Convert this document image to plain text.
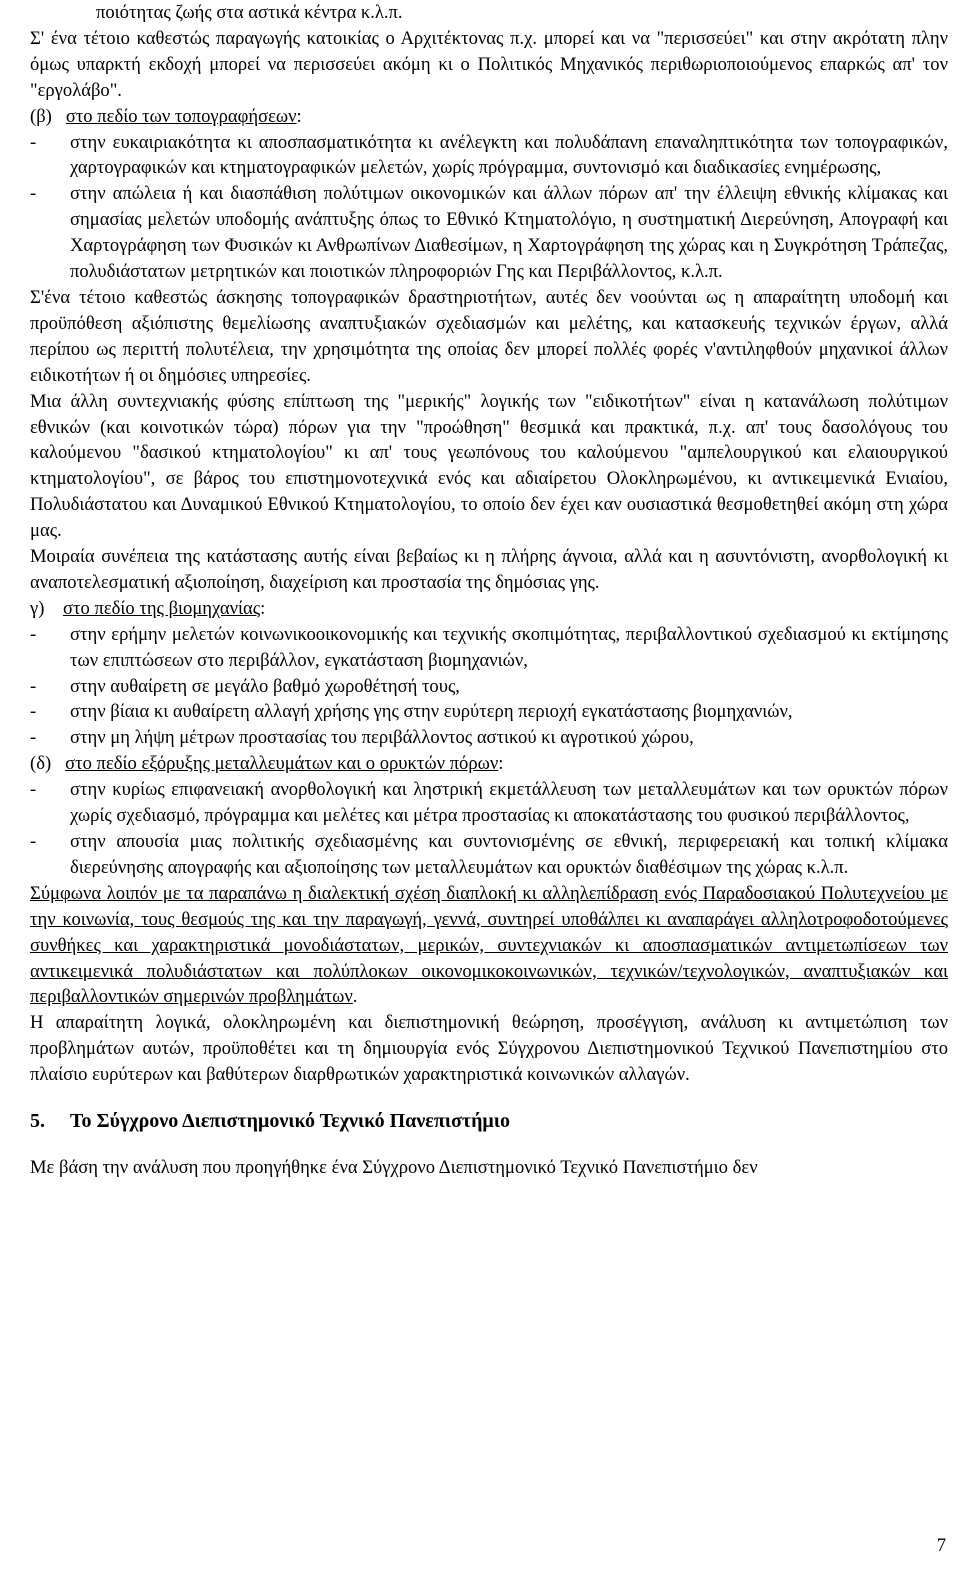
ποιότητας ζωής στα αστικά κέντρα κ.λ.π.

Σ' ένα τέτοιο καθεστώς παραγωγής κατοικίας ο Αρχιτέκτονας π.χ. μπορεί και να "περισσεύει" και στην ακρότατη πλην όμως υπαρκτή εκδοχή μπορεί να περισσεύει ακόμη κι ο Πολιτικός Μηχανικός περιθωριοποιούμενος επαρκώς απ' τον "εργολάβο".

(β) στο πεδίο των τοπογραφήσεων:

-	στην ευκαιριακότητα κι αποσπασματικότητα κι ανέλεγκτη και πολυδάπανη επαναληπτικότητα των τοπογραφικών, χαρτογραφικών και κτηματογραφικών μελετών, χωρίς πρόγραμμα, συντονισμό και διαδικασίες ενημέρωσης,
-	στην απώλεια ή και διασπάθιση πολύτιμων οικονομικών και άλλων πόρων απ' την έλλειψη εθνικής κλίμακας και σημασίας μελετών υποδομής ανάπτυξης όπως το Εθνικό Κτηματολόγιο, η συστηματική Διερεύνηση, Απογραφή και Χαρτογράφηση των Φυσικών κι Ανθρωπίνων Διαθεσίμων, η Χαρτογράφηση της χώρας και η Συγκρότηση Τράπεζας, πολυδιάστατων μετρητικών και ποιοτικών πληροφοριών Γης και Περιβάλλοντος, κ.λ.π.

Σ'ένα τέτοιο καθεστώς άσκησης τοπογραφικών δραστηριοτήτων, αυτές δεν νοούνται ως η απαραίτητη υποδομή και προϋπόθεση αξιόπιστης θεμελίωσης αναπτυξιακών σχεδιασμών και μελέτης, και κατασκευής τεχνικών έργων, αλλά περίπου ως περιττή πολυτέλεια, την χρησιμότητα της οποίας δεν μπορεί πολλές φορές ν'αντιληφθούν μηχανικοί άλλων ειδικοτήτων ή οι δημόσιες υπηρεσίες.

Μια άλλη συντεχνιακής φύσης επίπτωση της "μερικής" λογικής των "ειδικοτήτων" είναι η κατανάλωση πολύτιμων εθνικών (και κοινοτικών τώρα) πόρων για την "προώθηση" θεσμικά και πρακτικά, π.χ. απ' τους δασολόγους του καλούμενου "δασικού κτηματολογίου" κι απ' τους γεωπόνους του καλούμενου "αμπελουργικού και ελαιουργικού κτηματολογίου", σε βάρος του επιστημονοτεχνικά ενός και αδιαίρετου Ολοκληρωμένου, κι αντικειμενικά Ενιαίου, Πολυδιάστατου και Δυναμικού Εθνικού Κτηματολογίου, το οποίο δεν έχει καν ουσιαστικά θεσμοθετηθεί ακόμη στη χώρα μας.

Μοιραία συνέπεια της κατάστασης αυτής είναι βεβαίως κι η πλήρης άγνοια, αλλά και η ασυντόνιστη, ανορθολογική κι αναποτελεσματική αξιοποίηση, διαχείριση και προστασία της δημόσιας γης.

γ) στο πεδίο της βιομηχανίας:

-	στην ερήμην μελετών κοινωνικοοικονομικής και τεχνικής σκοπιμότητας, περιβαλλοντικού σχεδιασμού κι εκτίμησης των επιπτώσεων στο περιβάλλον, εγκατάσταση βιομηχανιών,
-	στην αυθαίρετη σε μεγάλο βαθμό χωροθέτησή τους,
-	στην βίαια κι αυθαίρετη αλλαγή χρήσης γης στην ευρύτερη περιοχή εγκατάστασης βιομηχανιών,
-	στην μη λήψη μέτρων προστασίας του περιβάλλοντος αστικού κι αγροτικού χώρου,

(δ) στο πεδίο εξόρυξης μεταλλευμάτων και ο ορυκτών πόρων:

-	στην κυρίως επιφανειακή ανορθολογική και ληστρική εκμετάλλευση των μεταλλευμάτων και των ορυκτών πόρων χωρίς σχεδιασμό, πρόγραμμα και μελέτες και μέτρα προστασίας κι αποκατάστασης του φυσικού περιβάλλοντος,
-	στην απουσία μιας πολιτικής σχεδιασμένης και συντονισμένης σε εθνική, περιφερειακή και τοπική κλίμακα διερεύνησης απογραφής και αξιοποίησης των μεταλλευμάτων και ορυκτών διαθέσιμων της χώρας κ.λ.π.

Σύμφωνα λοιπόν με τα παραπάνω η διαλεκτική σχέση διαπλοκή κι αλληλεπίδραση ενός Παραδοσιακού Πολυτεχνείου με την κοινωνία, τους θεσμούς της και την παραγωγή, γεννά, συντηρεί υποθάλπει κι αναπαράγει αλληλοτροφοδοτούμενες συνθήκες και χαρακτηριστικά μονοδιάστατων, μερικών, συντεχνιακών κι αποσπασματικών αντιμετωπίσεων των αντικειμενικά πολυδιάστατων και πολύπλοκων οικονομικοκοινωνικών, τεχνικών/τεχνολογικών, αναπτυξιακών και περιβαλλοντικών σημερινών προβλημάτων.

Η απαραίτητη λογικά, ολοκληρωμένη και διεπιστημονική θεώρηση, προσέγγιση, ανάλυση κι αντιμετώπιση των προβλημάτων αυτών, προϋποθέτει και τη δημιουργία ενός Σύγχρονου Διεπιστημονικού Τεχνικού Πανεπιστημίου στο πλαίσιο ευρύτερων και βαθύτερων διαρθρωτικών χαρακτηριστικά κοινωνικών αλλαγών.

5.	Το Σύγχρονο Διεπιστημονικό Τεχνικό Πανεπιστήμιο

Με βάση την ανάλυση που προηγήθηκε ένα Σύγχρονο Διεπιστημονικό Τεχνικό Πανεπιστήμιο δεν

7
